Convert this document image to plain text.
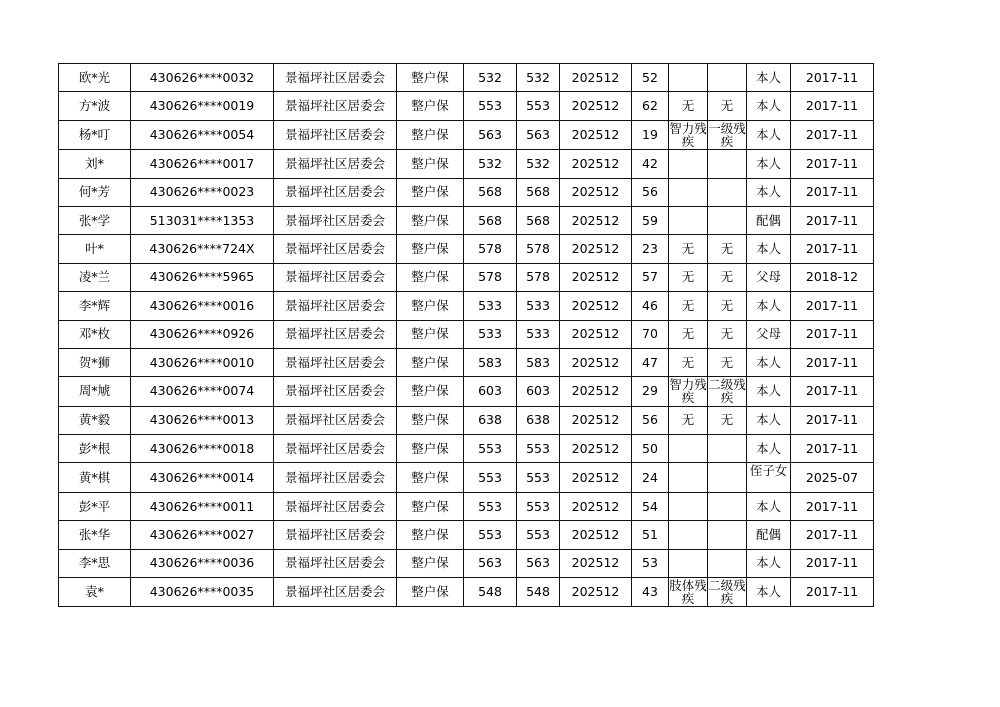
欧*光	430626****0032	景福坪社区居委会	整户保	532	532	202512	52			本人	2017-11
方*波	430626****0019	景福坪社区居委会	整户保	553	553	202512	62	无	无	本人	2017-11
杨*叮	430626****0054	景福坪社区居委会	整户保	563	563	202512	19	智力残疾	一级残疾	本人	2017-11
刘*	430626****0017	景福坪社区居委会	整户保	532	532	202512	42			本人	2017-11
何*芳	430626****0023	景福坪社区居委会	整户保	568	568	202512	56			本人	2017-11
张*学	513031****1353	景福坪社区居委会	整户保	568	568	202512	59			配偶	2017-11
叶*	430626****724X	景福坪社区居委会	整户保	578	578	202512	23	无	无	本人	2017-11
凌*兰	430626****5965	景福坪社区居委会	整户保	578	578	202512	57	无	无	父母	2018-12
李*辉	430626****0016	景福坪社区居委会	整户保	533	533	202512	46	无	无	本人	2017-11
邓*枚	430626****0926	景福坪社区居委会	整户保	533	533	202512	70	无	无	父母	2017-11
贺*狮	430626****0010	景福坪社区居委会	整户保	583	583	202512	47	无	无	本人	2017-11
周*虓	430626****0074	景福坪社区居委会	整户保	603	603	202512	29	智力残疾	二级残疾	本人	2017-11
黄*毅	430626****0013	景福坪社区居委会	整户保	638	638	202512	56	无	无	本人	2017-11
彭*根	430626****0018	景福坪社区居委会	整户保	553	553	202512	50			本人	2017-11
黄*棋	430626****0014	景福坪社区居委会	整户保	553	553	202512	24			侄子女	2025-07
彭*平	430626****0011	景福坪社区居委会	整户保	553	553	202512	54			本人	2017-11
张*华	430626****0027	景福坪社区居委会	整户保	553	553	202512	51			配偶	2017-11
李*思	430626****0036	景福坪社区居委会	整户保	563	563	202512	53			本人	2017-11
袁*	430626****0035	景福坪社区居委会	整户保	548	548	202512	43	肢体残疾	二级残疾	本人	2017-11
